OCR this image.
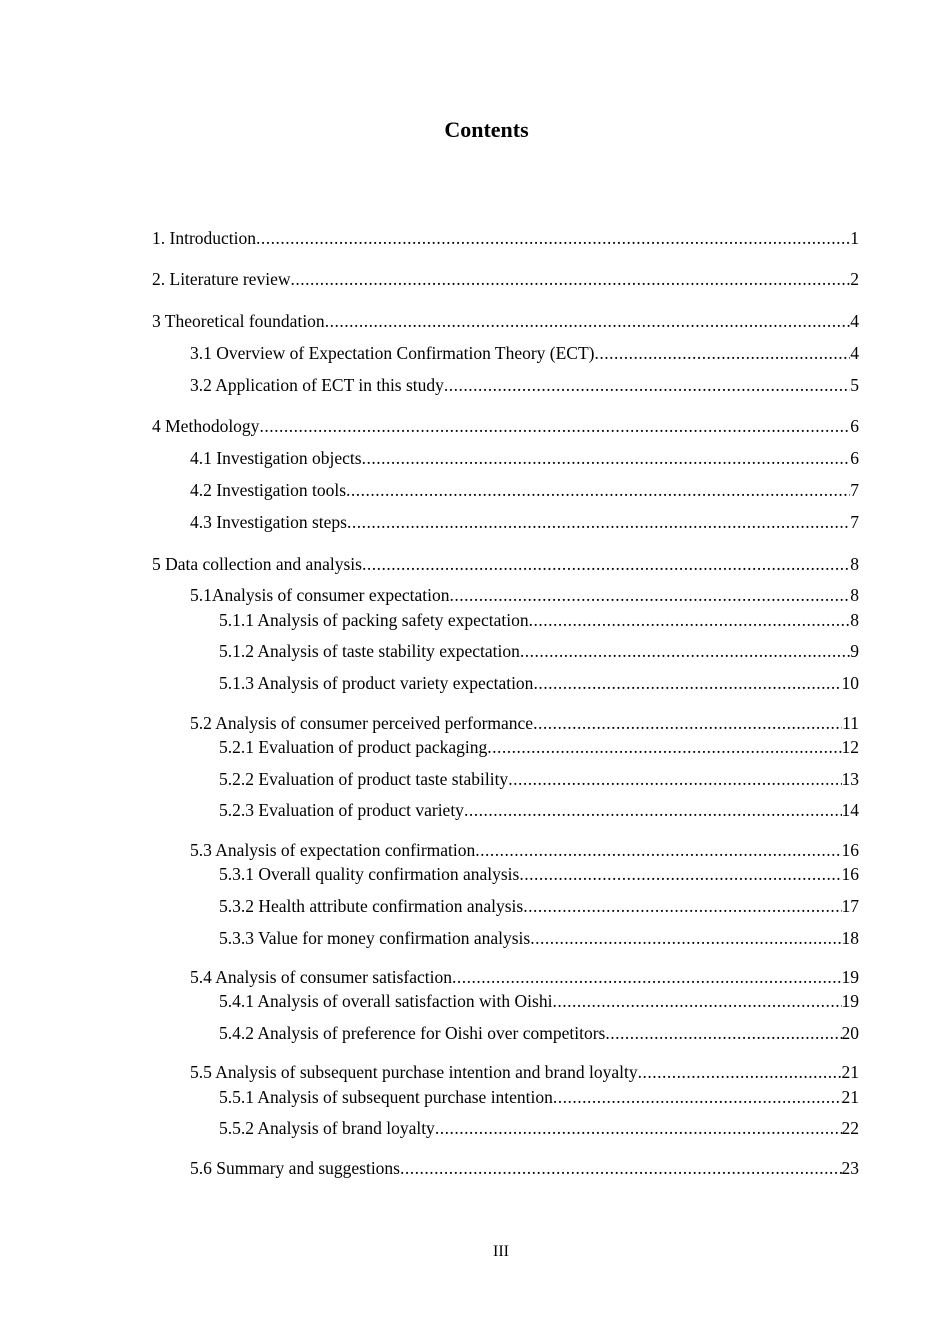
Contents
1. Introduction .....	1
2. Literature review .....	2
3 Theoretical foundation .....	4
3.1 Overview of Expectation Confirmation Theory (ECT) .....	4
3.2 Application of ECT in this study .....	5
4 Methodology .....	6
4.1 Investigation objects .....	6
4.2 Investigation tools .....	7
4.3 Investigation steps .....	7
5 Data collection and analysis .....	8
5.1Analysis of consumer expectation .....	8
5.1.1 Analysis of packing safety expectation .....	8
5.1.2 Analysis of taste stability expectation .....	9
5.1.3 Analysis of product variety expectation .....	10
5.2 Analysis of consumer perceived performance .....	11
5.2.1 Evaluation of product packaging .....	12
5.2.2 Evaluation of product taste stability .....	13
5.2.3 Evaluation of product variety .....	14
5.3 Analysis of expectation confirmation .....	16
5.3.1 Overall quality confirmation analysis .....	16
5.3.2 Health attribute confirmation analysis .....	17
5.3.3 Value for money confirmation analysis .....	18
5.4 Analysis of consumer satisfaction .....	19
5.4.1 Analysis of overall satisfaction with Oishi .....	19
5.4.2 Analysis of preference for Oishi over competitors .....	20
5.5 Analysis of subsequent purchase intention and brand loyalty .....	21
5.5.1 Analysis of subsequent purchase intention .....	21
5.5.2 Analysis of brand loyalty .....	22
5.6 Summary and suggestions .....	23
III
